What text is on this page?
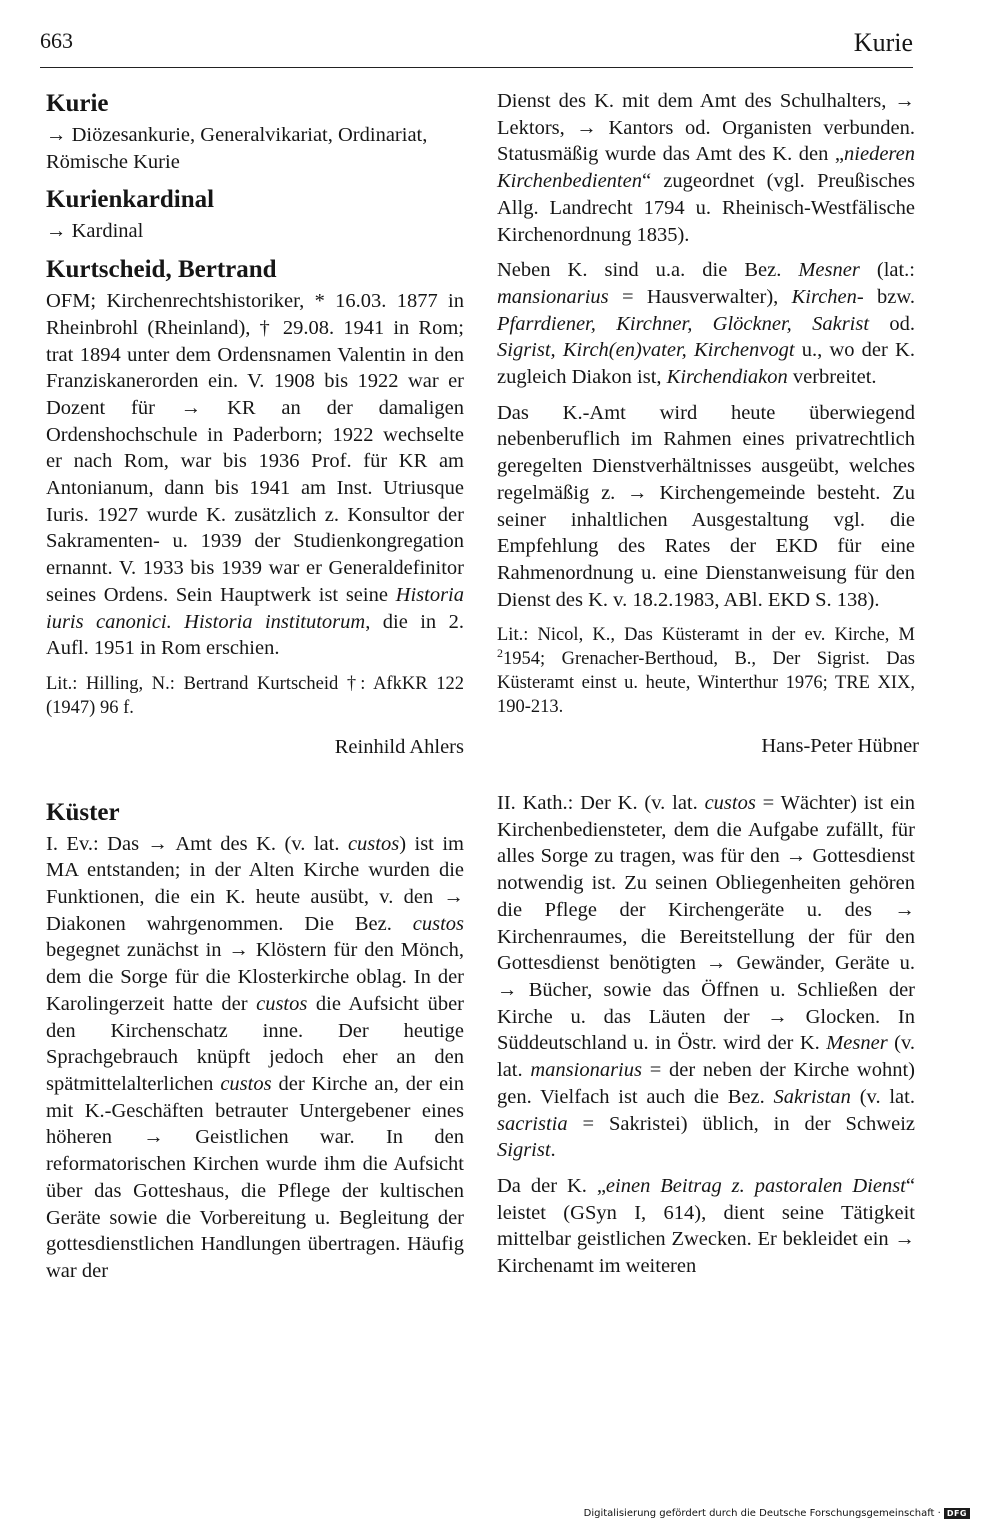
663	Kurie
Kurie

→ Diözesankurie, Generalvikariat, Ordinariat, Römische Kurie

Kurienkardinal

→ Kardinal

Kurtscheid, Bertrand

OFM; Kirchenrechtshistoriker, * 16.03. 1877 in Rheinbrohl (Rheinland), † 29.08. 1941 in Rom; trat 1894 unter dem Ordensnamen Valentin in den Franziskanerorden ein. V. 1908 bis 1922 war er Dozent für → KR an der damaligen Ordenshochschule in Paderborn; 1922 wechselte er nach Rom, war bis 1936 Prof. für KR am Antonianum, dann bis 1941 am Inst. Utriusque Iuris. 1927 wurde K. zusätzlich z. Konsultor der Sakramenten- u. 1939 der Studienkongregation ernannt. V. 1933 bis 1939 war er Generaldefinitor seines Ordens. Sein Hauptwerk ist seine Historia iuris canonici. Historia institutorum, die in 2. Aufl. 1951 in Rom erschien.

Lit.: Hilling, N.: Bertrand Kurtscheid †: AfkKR 122 (1947) 96 f.

Reinhild Ahlers

Küster

I. Ev.: Das → Amt des K. (v. lat. custos) ist im MA entstanden; in der Alten Kirche wurden die Funktionen, die ein K. heute ausübt, v. den → Diakonen wahrgenommen. Die Bez. custos begegnet zunächst in → Klöstern für den Mönch, dem die Sorge für die Klosterkirche oblag. In der Karolingerzeit hatte der custos die Aufsicht über den Kirchenschatz inne. Der heutige Sprachgebrauch knüpft jedoch eher an den spätmittelalterlichen custos der Kirche an, der ein mit K.-Geschäften betrauter Untergebener eines höheren → Geistlichen war. In den reformatorischen Kirchen wurde ihm die Aufsicht über das Gotteshaus, die Pflege der kultischen Geräte sowie die Vorbereitung u. Begleitung der gottesdienstlichen Handlungen übertragen. Häufig war der

Dienst des K. mit dem Amt des Schulhalters, → Lektors, → Kantors od. Organisten verbunden. Statusmäßig wurde das Amt des K. den „niederen Kirchenbedienten“ zugeordnet (vgl. Preußisches Allg. Landrecht 1794 u. Rheinisch-Westfälische Kirchenordnung 1835).

Neben K. sind u.a. die Bez. Mesner (lat.: mansionarius = Hausverwalter), Kirchen- bzw. Pfarrdiener, Kirchner, Glöckner, Sakrist od. Sigrist, Kirch(en)vater, Kirchenvogt u., wo der K. zugleich Diakon ist, Kirchendiakon verbreitet.

Das K.-Amt wird heute überwiegend nebenberuflich im Rahmen eines privatrechtlich geregelten Dienstverhältnisses ausgeübt, welches regelmäßig z. → Kirchengemeinde besteht. Zu seiner inhaltlichen Ausgestaltung vgl. die Empfehlung des Rates der EKD für eine Rahmenordnung u. eine Dienstanweisung für den Dienst des K. v. 18.2.1983, ABl. EKD S. 138).

Lit.: Nicol, K., Das Küsteramt in der ev. Kirche, M $^2$1954; Grenacher-Berthoud, B., Der Sigrist. Das Küsteramt einst u. heute, Winterthur 1976; TRE XIX, 190-213.

Hans-Peter Hübner

II. Kath.: Der K. (v. lat. custos = Wächter) ist ein Kirchenbediensteter, dem die Aufgabe zufällt, für alles Sorge zu tragen, was für den → Gottesdienst notwendig ist. Zu seinen Obliegenheiten gehören die Pflege der Kirchengeräte u. des → Kirchenraumes, die Bereitstellung der für den Gottesdienst benötigten → Gewänder, Geräte u. → Bücher, sowie das Öffnen u. Schließen der Kirche u. das Läuten der → Glocken. In Süddeutschland u. in Östr. wird der K. Mesner (v. lat. mansionarius = der neben der Kirche wohnt) gen. Vielfach ist auch die Bez. Sakristan (v. lat. sacristia = Sakristei) üblich, in der Schweiz Sigrist.

Da der K. „einen Beitrag z. pastoralen Dienst“ leistet (GSyn I, 614), dient seine Tätigkeit mittelbar geistlichen Zwecken. Er bekleidet ein → Kirchenamt im weiteren

Digitalisierung gefördert durch die Deutsche Forschungsgemeinschaft · DFG
